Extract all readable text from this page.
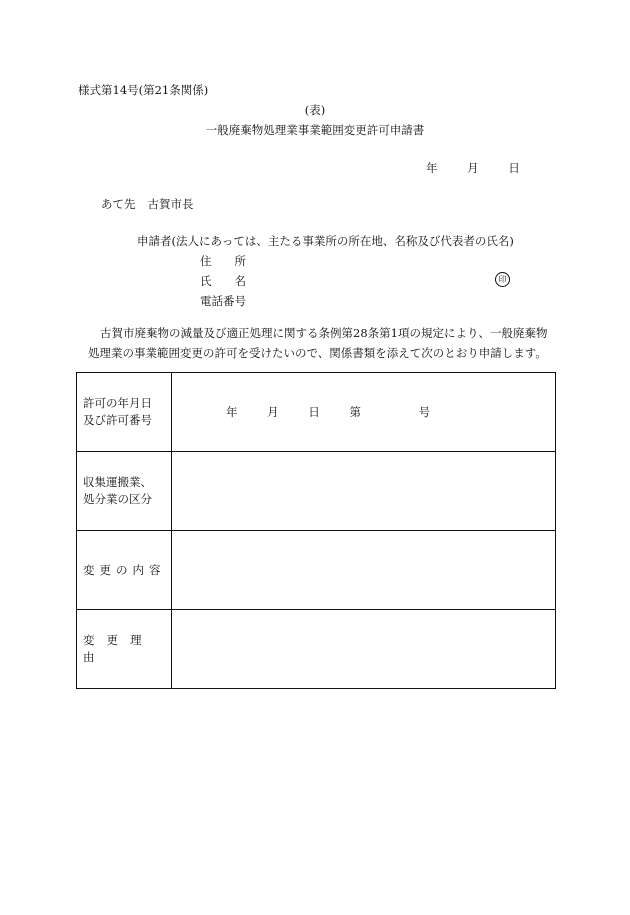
様式第14号(第21条関係)
(表)
一般廃棄物処理業事業範囲変更許可申請書
年	月	日
あて先 古賀市長
申請者(法人にあっては、主たる事業所の所在地、名称及び代表者の氏名)
住　　所
氏　　名	印
電話番号
古賀市廃棄物の減量及び適正処理に関する条例第28条第1項の規定により、一般廃棄物
処理業の事業範囲変更の許可を受けたいので、関係書類を添えて次のとおり申請します。
許可の年月日
及び許可番号	年 月 日 第 号

収集運搬業、
処分業の区分	

変更の内容	
変更理由	
